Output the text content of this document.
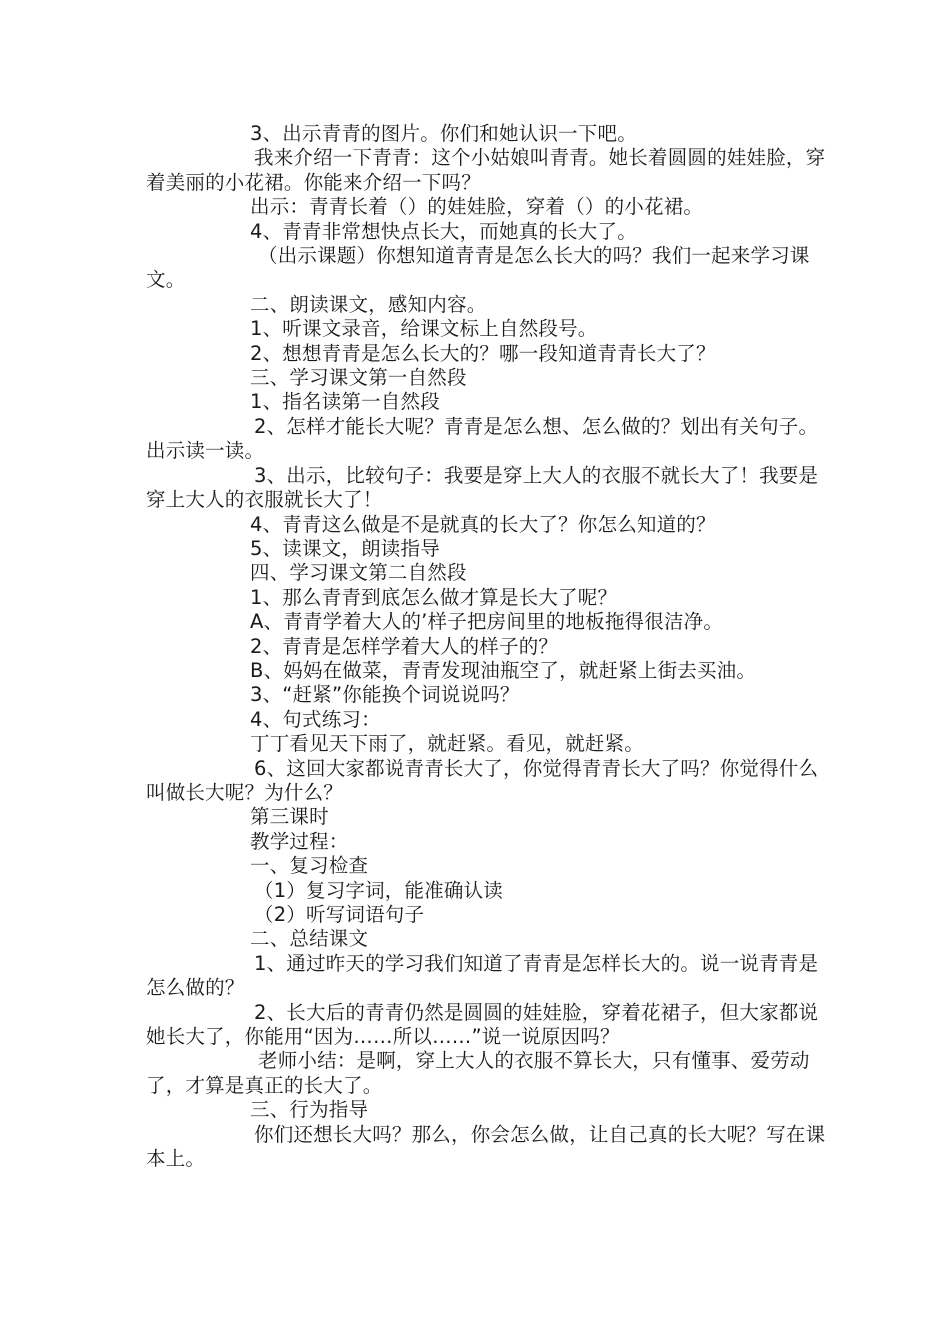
3、出示青青的图片。你们和她认识一下吧。

我来介绍一下青青：这个小姑娘叫青青。她长着圆圆的娃娃脸，穿着美丽的小花裙。你能来介绍一下吗？

出示：青青长着（）的娃娃脸，穿着（）的小花裙。

4、青青非常想快点长大，而她真的长大了。

（出示课题）你想知道青青是怎么长大的吗？我们一起来学习课文。

二、朗读课文，感知内容。

1、听课文录音，给课文标上自然段号。

2、想想青青是怎么长大的？哪一段知道青青长大了？

三、学习课文第一自然段

1、指名读第一自然段

2、怎样才能长大呢？青青是怎么想、怎么做的？划出有关句子。出示读一读。

3、出示，比较句子：我要是穿上大人的衣服不就长大了！我要是穿上大人的衣服就长大了！

4、青青这么做是不是就真的长大了？你怎么知道的？

5、读课文，朗读指导

四、学习课文第二自然段

1、那么青青到底怎么做才算是长大了呢？

A、青青学着大人的’样子把房间里的地板拖得很洁净。

2、青青是怎样学着大人的样子的？

B、妈妈在做菜，青青发现油瓶空了，就赶紧上街去买油。

3、“赶紧”你能换个词说说吗？

4、句式练习：

丁丁看见天下雨了，就赶紧。看见，就赶紧。

6、这回大家都说青青长大了，你觉得青青长大了吗？你觉得什么叫做长大呢？为什么？

第三课时

教学过程：

一、复习检查

（1）复习字词，能准确认读

（2）听写词语句子

二、总结课文

1、通过昨天的学习我们知道了青青是怎样长大的。说一说青青是怎么做的？

2、长大后的青青仍然是圆圆的娃娃脸，穿着花裙子，但大家都说她长大了，你能用“因为……所以……”说一说原因吗？

老师小结：是啊，穿上大人的衣服不算长大，只有懂事、爱劳动了，才算是真正的长大了。

三、行为指导

你们还想长大吗？那么，你会怎么做，让自己真的长大呢？写在课本上。
